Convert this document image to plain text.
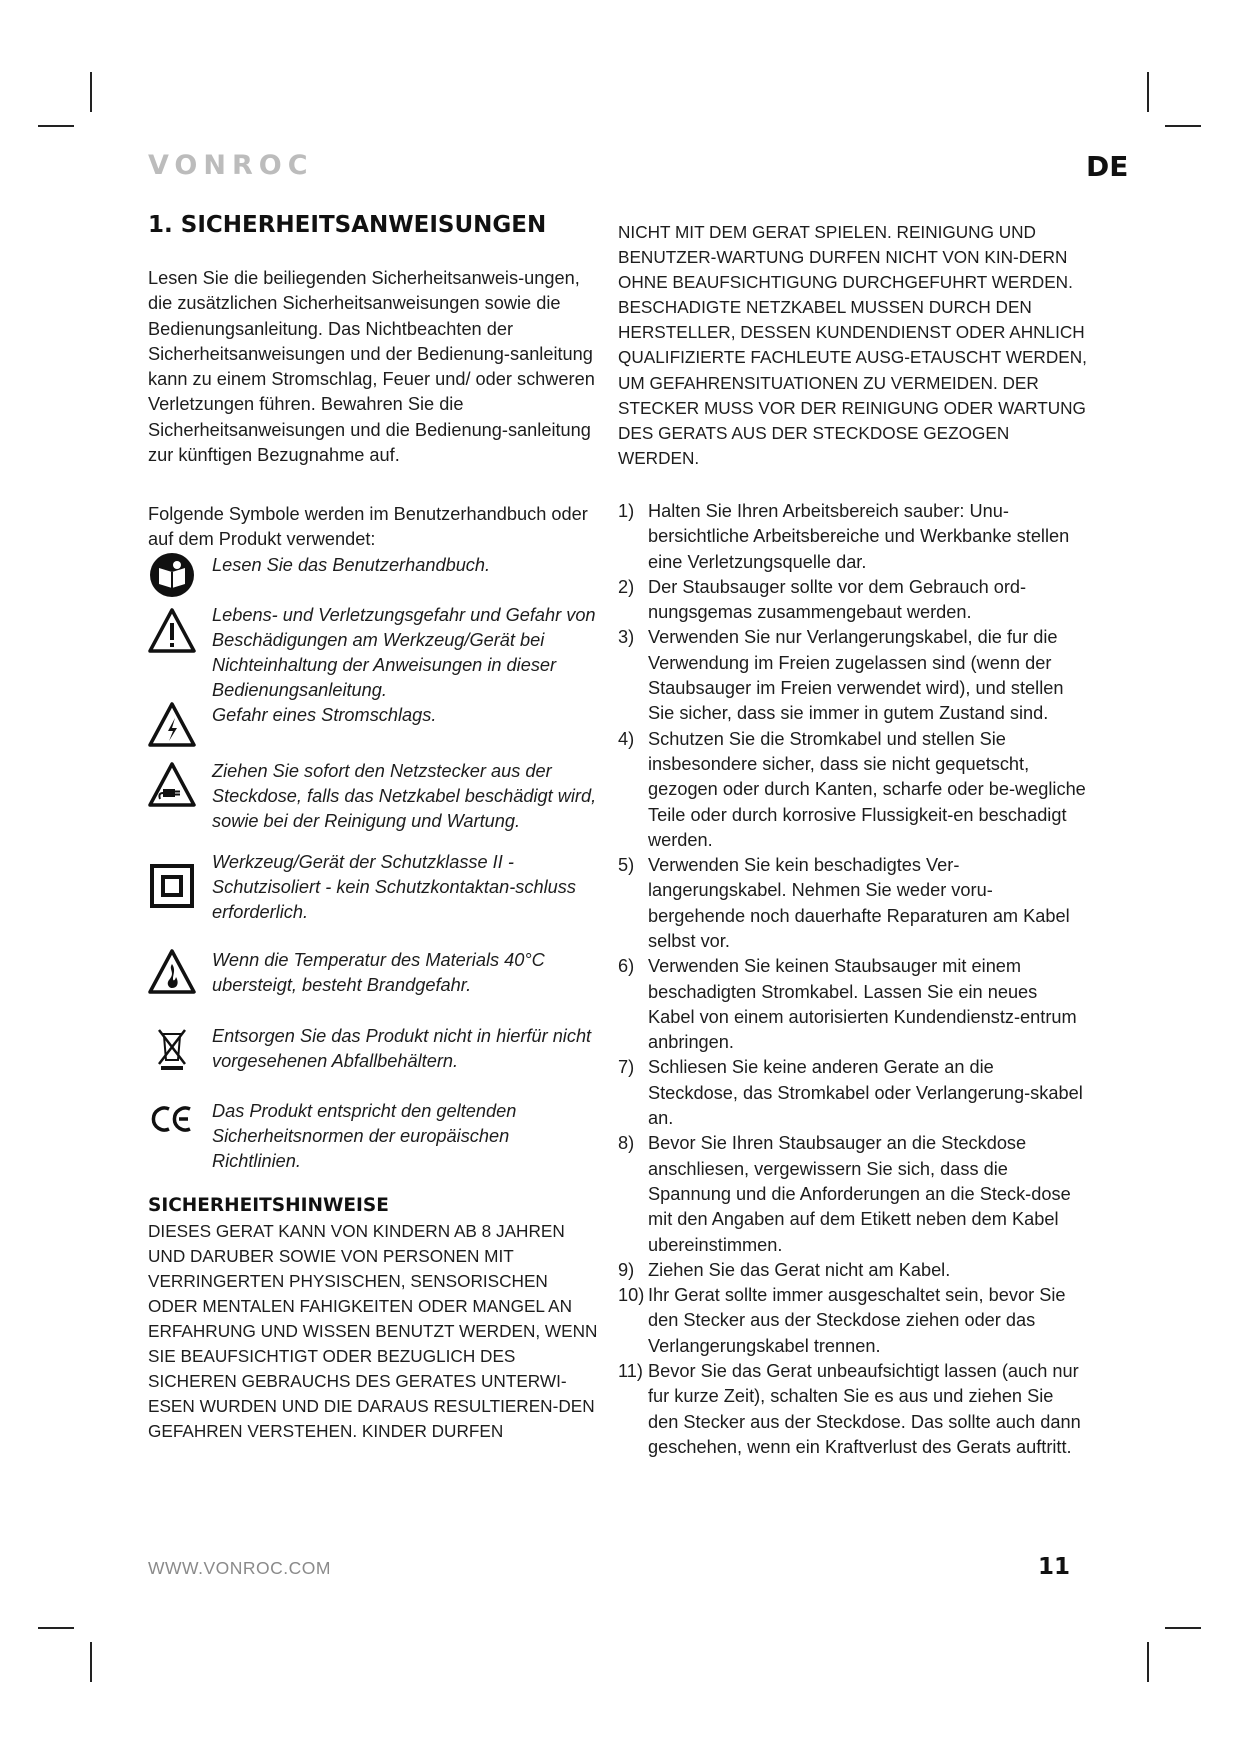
VONROC	DE
1. SICHERHEITSANWEISUNGEN

Lesen Sie die beiliegenden Sicherheitsanweis-ungen, die zusätzlichen Sicherheitsanweisungen sowie die Bedienungsanleitung. Das Nichtbeachten der Sicherheitsanweisungen und der Bedienung-sanleitung kann zu einem Stromschlag, Feuer und/ oder schweren Verletzungen führen. Bewahren Sie die Sicherheitsanweisungen und die Bedienung-sanleitung zur künftigen Bezugnahme auf.

Folgende Symbole werden im Benutzerhandbuch oder auf dem Produkt verwendet:

Lesen Sie das Benutzerhandbuch.

Lebens- und Verletzungsgefahr und Gefahr von Beschädigungen am Werkzeug/Gerät bei Nichteinhaltung der Anweisungen in dieser Bedienungsanleitung.

Gefahr eines Stromschlags.

Ziehen Sie sofort den Netzstecker aus der Steckdose, falls das Netzkabel beschädigt wird, sowie bei der Reinigung und Wartung.

Werkzeug/Gerät der Schutzklasse II - Schutzisoliert - kein Schutzkontaktan-schluss erforderlich.

Wenn die Temperatur des Materials 40°C ubersteigt, besteht Brandgefahr.

Entsorgen Sie das Produkt nicht in hierfür nicht vorgesehenen Abfallbehältern.

Das Produkt entspricht den geltenden Sicherheitsnormen der europäischen Richtlinien.

SICHERHEITSHINWEISE

DIESES GERAT KANN VON KINDERN AB 8 JAHREN UND DARUBER SOWIE VON PERSONEN MIT VERRINGERTEN PHYSISCHEN, SENSORISCHEN ODER MENTALEN FAHIGKEITEN ODER MANGEL AN ERFAHRUNG UND WISSEN BENUTZT WERDEN, WENN SIE BEAUFSICHTIGT ODER BEZUGLICH DES SICHEREN GEBRAUCHS DES GERATES UNTERWI-ESEN WURDEN UND DIE DARAUS RESULTIEREN-DEN GEFAHREN VERSTEHEN. KINDER DURFEN

NICHT MIT DEM GERAT SPIELEN. REINIGUNG UND BENUTZER-WARTUNG DURFEN NICHT VON KIN-DERN OHNE BEAUFSICHTIGUNG DURCHGEFUHRT WERDEN. BESCHADIGTE NETZKABEL MUSSEN DURCH DEN HERSTELLER, DESSEN KUNDENDIENST ODER AHNLICH QUALIFIZIERTE FACHLEUTE AUSG-ETAUSCHT WERDEN, UM GEFAHRENSITUATIONEN ZU VERMEIDEN. DER STECKER MUSS VOR DER REINIGUNG ODER WARTUNG DES GERATS AUS DER STECKDOSE GEZOGEN WERDEN.

1) Halten Sie Ihren Arbeitsbereich sauber: Unu-bersichtliche Arbeitsbereiche und Werkbanke stellen eine Verletzungsquelle dar.
2) Der Staubsauger sollte vor dem Gebrauch ord-nungsgemas zusammengebaut werden.
3) Verwenden Sie nur Verlangerungskabel, die fur die Verwendung im Freien zugelassen sind (wenn der Staubsauger im Freien verwendet wird), und stellen Sie sicher, dass sie immer in gutem Zustand sind.
4) Schutzen Sie die Stromkabel und stellen Sie insbesondere sicher, dass sie nicht gequetscht, gezogen oder durch Kanten, scharfe oder be-wegliche Teile oder durch korrosive Flussigkeit-en beschadigt werden.
5) Verwenden Sie kein beschadigtes Ver-langerungskabel. Nehmen Sie weder voru-bergehende noch dauerhafte Reparaturen am Kabel selbst vor.
6) Verwenden Sie keinen Staubsauger mit einem beschadigten Stromkabel. Lassen Sie ein neues Kabel von einem autorisierten Kundendienstz-entrum anbringen.
7) Schliesen Sie keine anderen Gerate an die Steckdose, das Stromkabel oder Verlangerung-skabel an.
8) Bevor Sie Ihren Staubsauger an die Steckdose anschliesen, vergewissern Sie sich, dass die Spannung und die Anforderungen an die Steck-dose mit den Angaben auf dem Etikett neben dem Kabel ubereinstimmen.
9) Ziehen Sie das Gerat nicht am Kabel.
10) Ihr Gerat sollte immer ausgeschaltet sein, bevor Sie den Stecker aus der Steckdose ziehen oder das Verlangerungskabel trennen.
11) Bevor Sie das Gerat unbeaufsichtigt lassen (auch nur fur kurze Zeit), schalten Sie es aus und ziehen Sie den Stecker aus der Steckdose. Das sollte auch dann geschehen, wenn ein Kraftverlust des Gerats auftritt.
WWW.VONROC.COM	11
